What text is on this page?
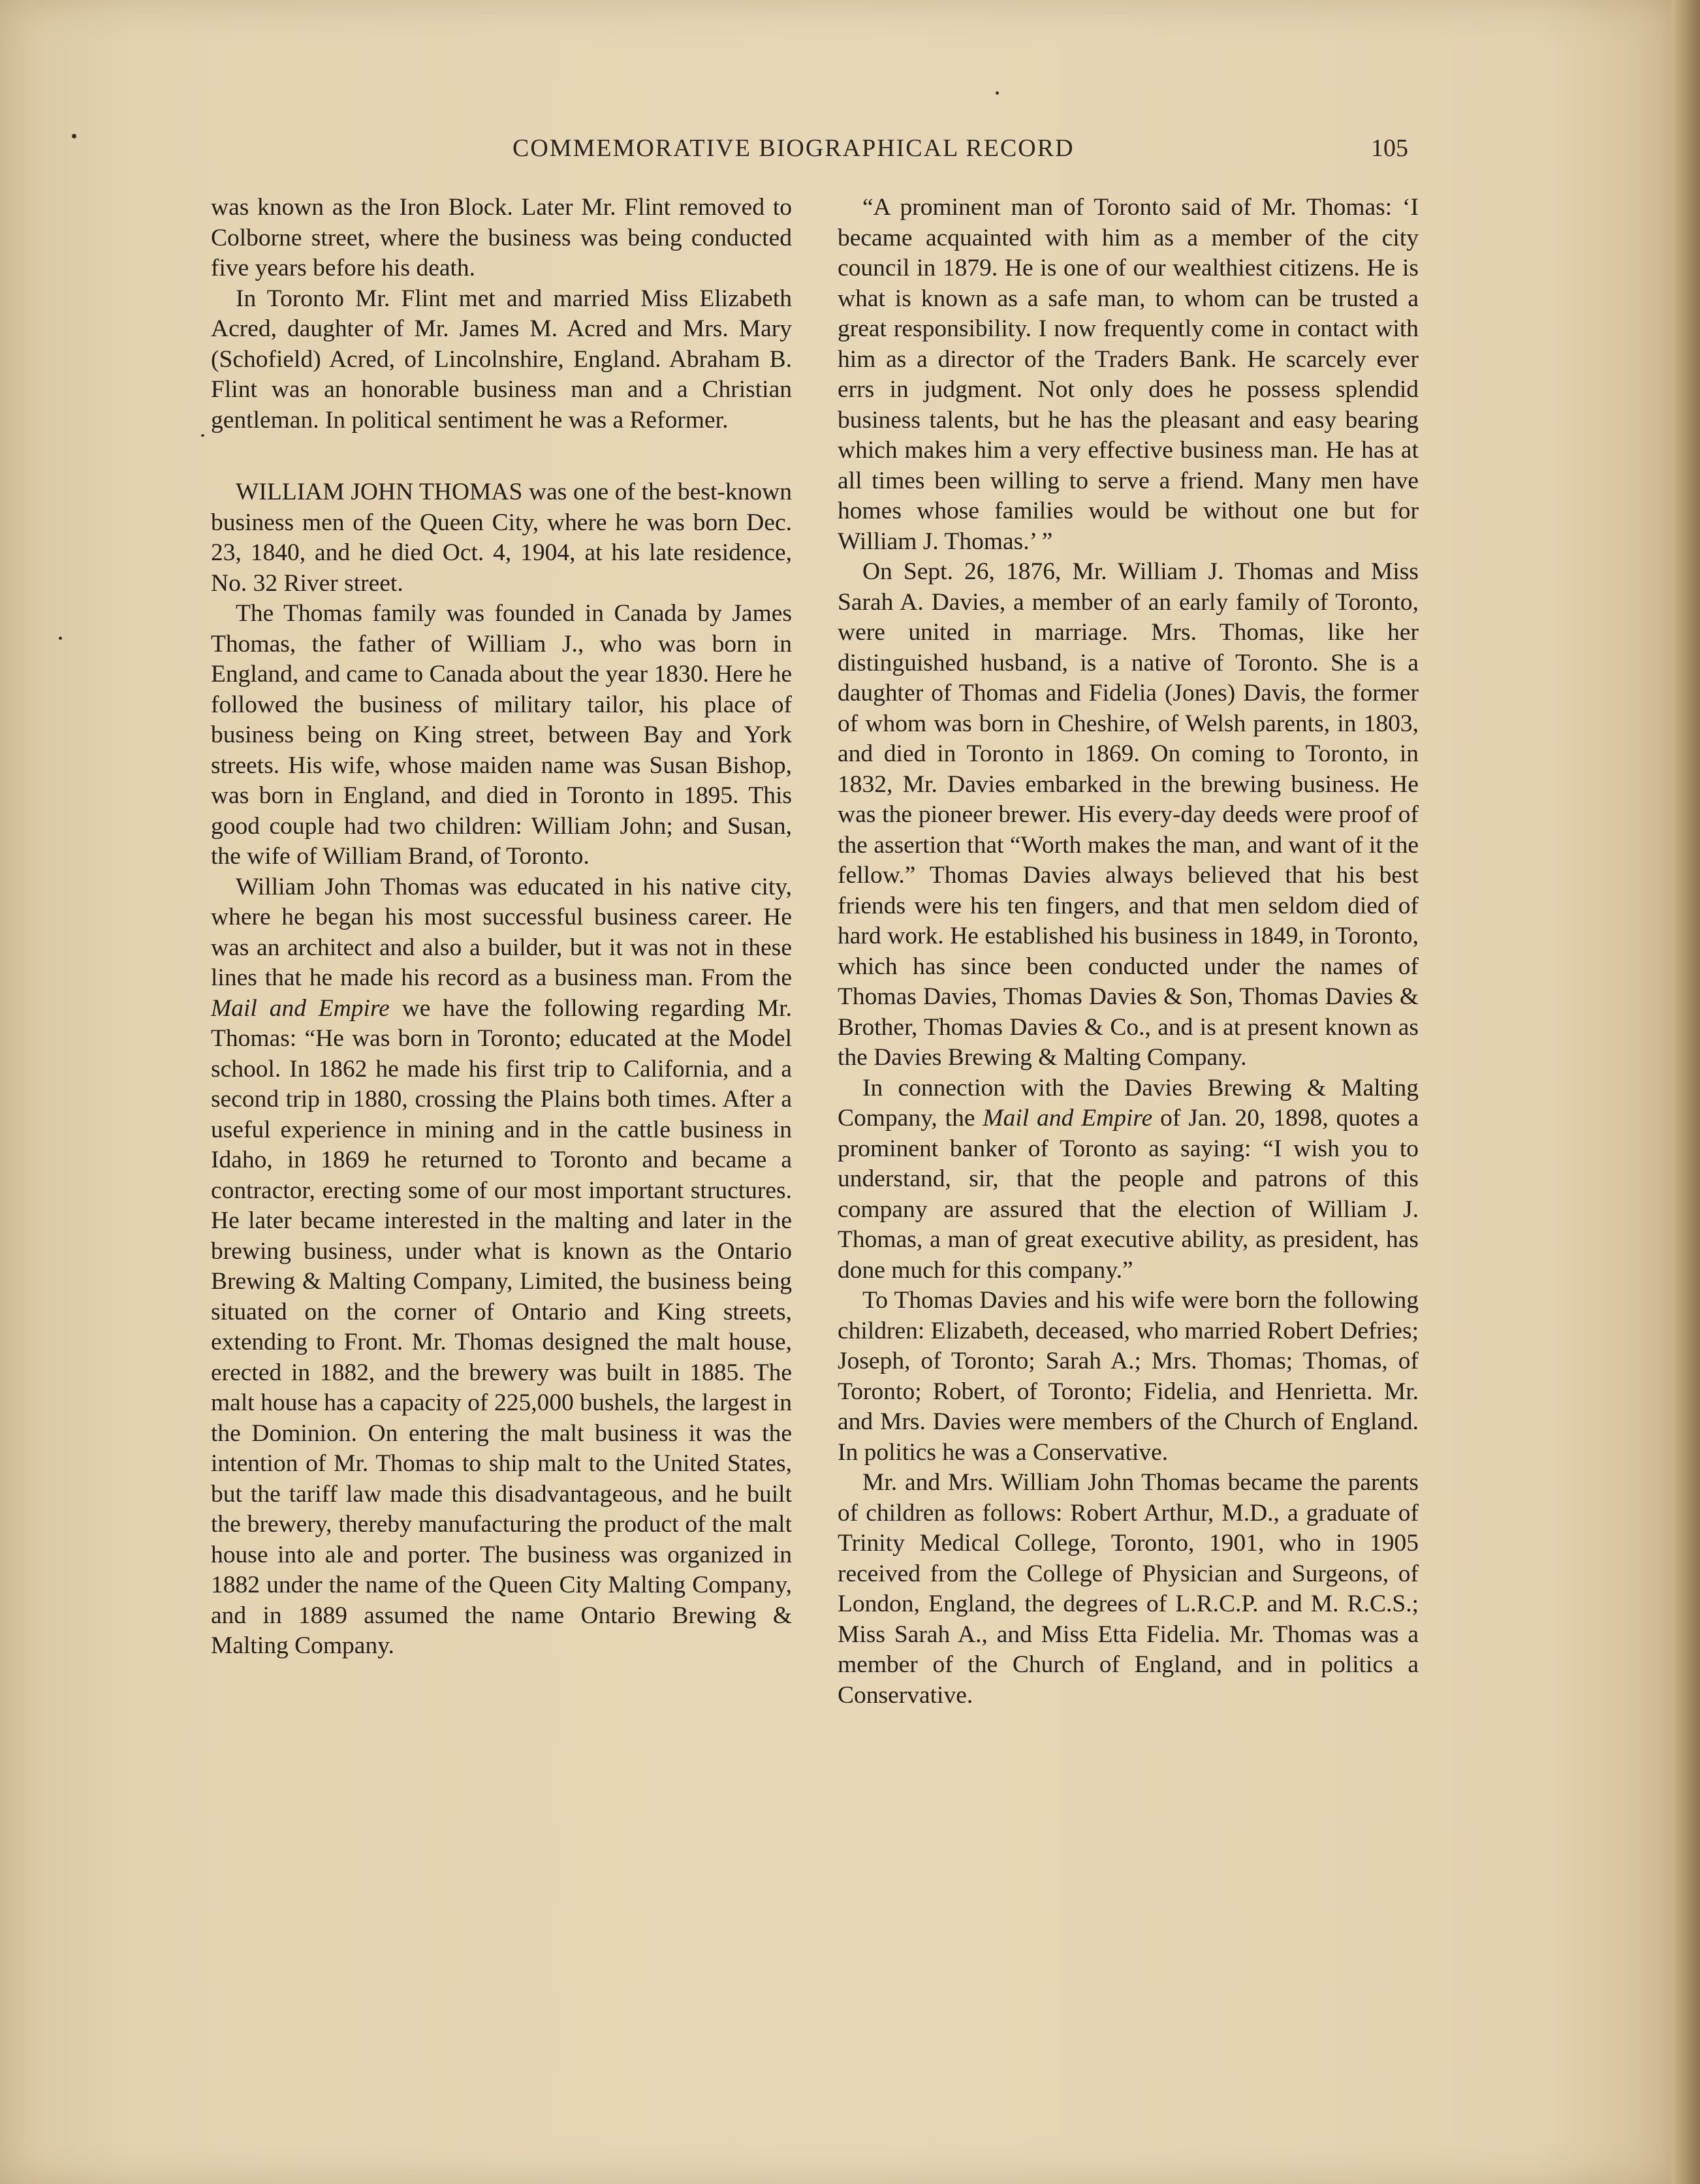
COMMEMORATIVE BIOGRAPHICAL RECORD	105

was known as the Iron Block. Later Mr. Flint removed to Colborne street, where the business was being conducted five years before his death.

In Toronto Mr. Flint met and married Miss Elizabeth Acred, daughter of Mr. James M. Acred and Mrs. Mary (Schofield) Acred, of Lincolnshire, England. Abraham B. Flint was an honorable business man and a Christian gentleman. In political sentiment he was a Reformer.

WILLIAM JOHN THOMAS was one of the best-known business men of the Queen City, where he was born Dec. 23, 1840, and he died Oct. 4, 1904, at his late residence, No. 32 River street.

The Thomas family was founded in Canada by James Thomas, the father of William J., who was born in England, and came to Canada about the year 1830. Here he followed the business of military tailor, his place of business being on King street, between Bay and York streets. His wife, whose maiden name was Susan Bishop, was born in England, and died in Toronto in 1895. This good couple had two children: William John; and Susan, the wife of William Brand, of Toronto.

William John Thomas was educated in his native city, where he began his most successful business career. He was an architect and also a builder, but it was not in these lines that he made his record as a business man. From the Mail and Empire we have the following regarding Mr. Thomas: “He was born in Toronto; educated at the Model school. In 1862 he made his first trip to California, and a second trip in 1880, crossing the Plains both times. After a useful experience in mining and in the cattle business in Idaho, in 1869 he returned to Toronto and became a contractor, erecting some of our most important structures. He later became interested in the malting and later in the brewing business, under what is known as the Ontario Brewing & Malting Company, Limited, the business being situated on the corner of Ontario and King streets, extending to Front. Mr. Thomas designed the malt house, erected in 1882, and the brewery was built in 1885. The malt house has a capacity of 225,000 bushels, the largest in the Dominion. On entering the malt business it was the intention of Mr. Thomas to ship malt to the United States, but the tariff law made this disadvantageous, and he built the brewery, thereby manufacturing the product of the malt house into ale and porter. The business was organized in 1882 under the name of the Queen City Malting Company, and in 1889 assumed the name Ontario Brewing & Malting Company.

“A prominent man of Toronto said of Mr. Thomas: ‘I became acquainted with him as a member of the city council in 1879. He is one of our wealthiest citizens. He is what is known as a safe man, to whom can be trusted a great responsibility. I now frequently come in contact with him as a director of the Traders Bank. He scarcely ever errs in judgment. Not only does he possess splendid business talents, but he has the pleasant and easy bearing which makes him a very effective business man. He has at all times been willing to serve a friend. Many men have homes whose families would be without one but for William J. Thomas.’ ”

On Sept. 26, 1876, Mr. William J. Thomas and Miss Sarah A. Davies, a member of an early family of Toronto, were united in marriage. Mrs. Thomas, like her distinguished husband, is a native of Toronto. She is a daughter of Thomas and Fidelia (Jones) Davis, the former of whom was born in Cheshire, of Welsh parents, in 1803, and died in Toronto in 1869. On coming to Toronto, in 1832, Mr. Davies embarked in the brewing business. He was the pioneer brewer. His every-day deeds were proof of the assertion that “Worth makes the man, and want of it the fellow.” Thomas Davies always believed that his best friends were his ten fingers, and that men seldom died of hard work. He established his business in 1849, in Toronto, which has since been conducted under the names of Thomas Davies, Thomas Davies & Son, Thomas Davies & Brother, Thomas Davies & Co., and is at present known as the Davies Brewing & Malting Company.

In connection with the Davies Brewing & Malting Company, the Mail and Empire of Jan. 20, 1898, quotes a prominent banker of Toronto as saying: “I wish you to understand, sir, that the people and patrons of this company are assured that the election of William J. Thomas, a man of great executive ability, as president, has done much for this company.”

To Thomas Davies and his wife were born the following children: Elizabeth, deceased, who married Robert Defries; Joseph, of Toronto; Sarah A.; Mrs. Thomas; Thomas, of Toronto; Robert, of Toronto; Fidelia, and Henrietta. Mr. and Mrs. Davies were members of the Church of England. In politics he was a Conservative.

Mr. and Mrs. William John Thomas became the parents of children as follows: Robert Arthur, M.D., a graduate of Trinity Medical College, Toronto, 1901, who in 1905 received from the College of Physician and Surgeons, of London, England, the degrees of L.R.C.P. and M. R.C.S.; Miss Sarah A., and Miss Etta Fidelia. Mr. Thomas was a member of the Church of England, and in politics a Conservative.
